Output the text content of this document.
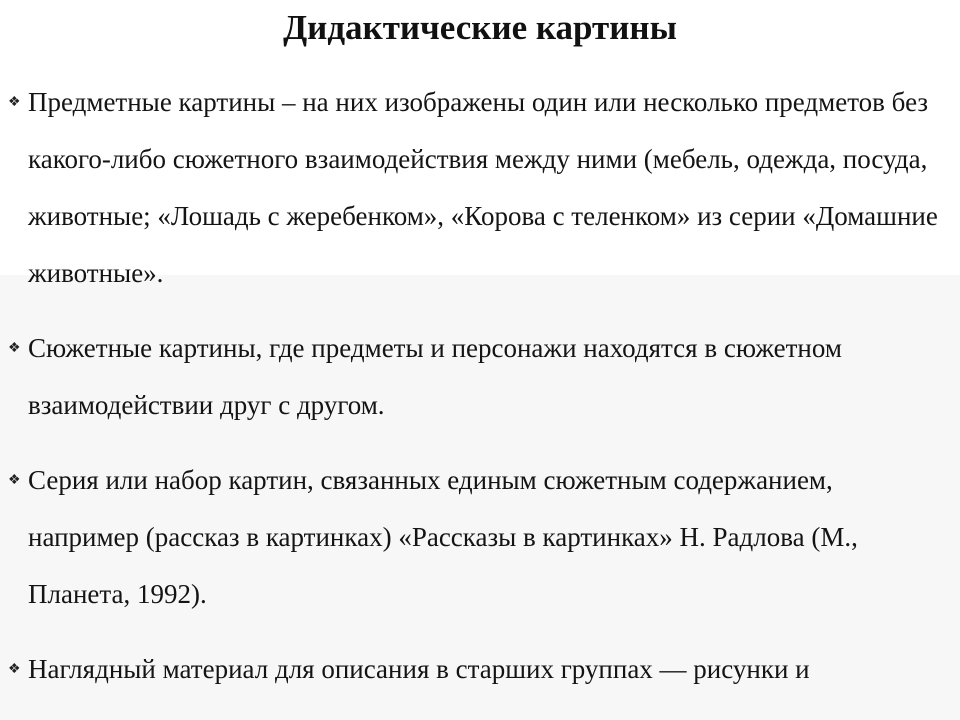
Дидактические картины
❖ Предметные картины – на них изображены один или несколько предметов без какого-либо сюжетного взаимодействия между ними (мебель, одежда, посуда, животные; «Лошадь с жеребенком», «Корова с теленком» из серии «Домашние животные».
❖ Сюжетные картины, где предметы и персонажи находятся в сюжетном взаимодействии друг с другом.
❖ Серия или набор картин, связанных единым сюжетным содержанием, например (рассказ в картинках) «Рассказы в картинках» Н. Радлова (М., Планета, 1992).
❖ Наглядный материал для описания в старших группах — рисунки и
